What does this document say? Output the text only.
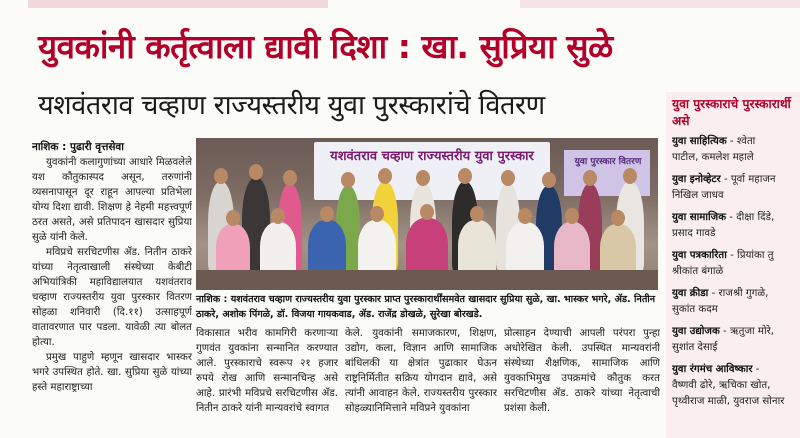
युवकांनी कर्तृत्वाला द्यावी दिशा : खा. सुप्रिया सुळे
यशवंतराव चव्हाण राज्यस्तरीय युवा पुरस्कारांचे वितरण

नाशिक : पुढारी वृत्तसेवा

युवकांनी कलागुणांच्या आधारे मिळवलेले यश कौतुकास्पद असून, तरुणांनी व्यसनापासून दूर राहून आपल्या प्रतिभेला योग्य दिशा द्यावी. शिक्षण हे नेहमी महत्त्वपूर्ण ठरत असते, असे प्रतिपादन खासदार सुप्रिया सुळे यांनी केले.

मविप्रचे सरचिटणीस ॲड. नितीन ठाकरे यांच्या नेतृत्वाखाली संस्थेच्या केबीटी अभियांत्रिकी महाविद्यालयात यशवंतराव चव्हाण राज्यस्तरीय युवा पुरस्कार वितरण सोहळा शनिवारी (दि.११) उत्साहपूर्ण वातावरणात पार पडला. यावेळी त्या बोलत होत्या.

प्रमुख पाहुणे म्हणून खासदार भास्कर भगरे उपस्थित होते. खा. सुप्रिया सुळे यांच्या हस्ते महाराष्ट्राच्या

यशवंतराव चव्हाण राज्यस्तरीय युवा पुरस्कार	युवा पुरस्कार वितरण
नाशिक : यशवंतराव चव्हाण राज्यस्तरीय युवा पुरस्कार प्राप्त पुरस्कारार्थींसमवेत खासदार सुप्रिया सुळे, खा. भास्कर भगरे, ॲड. नितीन ठाकरे, अशोक पिंगळे, डॉ. विजया गायकवाड, ॲड. राजेंद्र डोखळे, सुरेखा बोरखडे.

विकासात भरीव कामगिरी करणाऱ्या गुणवंत युवकांना सन्मानित करण्यात आले. पुरस्काराचे स्वरूप २१ हजार रुपये रोख आणि सन्मानचिन्ह असे आहे. प्रारंभी मविप्रचे सरचिटणीस ॲड. नितीन ठाकरे यांनी मान्यवरांचे स्वागत

केले. युवकांनी समाजकारण, शिक्षण, उद्योग, कला, विज्ञान आणि सामाजिक बांधिलकी या क्षेत्रांत पुढाकार घेऊन राष्ट्रनिर्मितीत सक्रिय योगदान द्यावे, असे त्यांनी आवाहन केले. राज्यस्तरीय पुरस्कार सोहळ्यानिमित्ताने मविप्रने युवकांना

प्रोत्साहन देण्याची आपली परंपरा पुन्हा अधोरेखित केली. उपस्थित मान्यवरांनी संस्थेच्या शैक्षणिक, सामाजिक आणि युवकाभिमुख उपक्रमांचे कौतुक करत सरचिटणीस ॲड. ठाकरे यांच्या नेतृत्वाची प्रशंसा केली.

युवा पुरस्काराचे पुरस्कारार्थी असे
युवा साहित्यिक - श्वेता
पाटील, कमलेश महाले
युवा इनोव्हेटर - पूर्वा महाजन
निखिल जाधव
युवा सामाजिक - दीक्षा दिंडे,
प्रसाद गावडे
युवा पत्रकारिता - प्रियांका तु
श्रीकांत बंगाळे
युवा क्रीडा - राजश्री गुगळे,
सुकांत कदम
युवा उद्योजक - ऋतुजा मोरे,
सुशांत देसाई
युवा रंगमंच आविष्कार -
वैष्णवी ढोरे, ऋचिका खोत,
पृथ्वीराज माळी, युवराज सोनार
